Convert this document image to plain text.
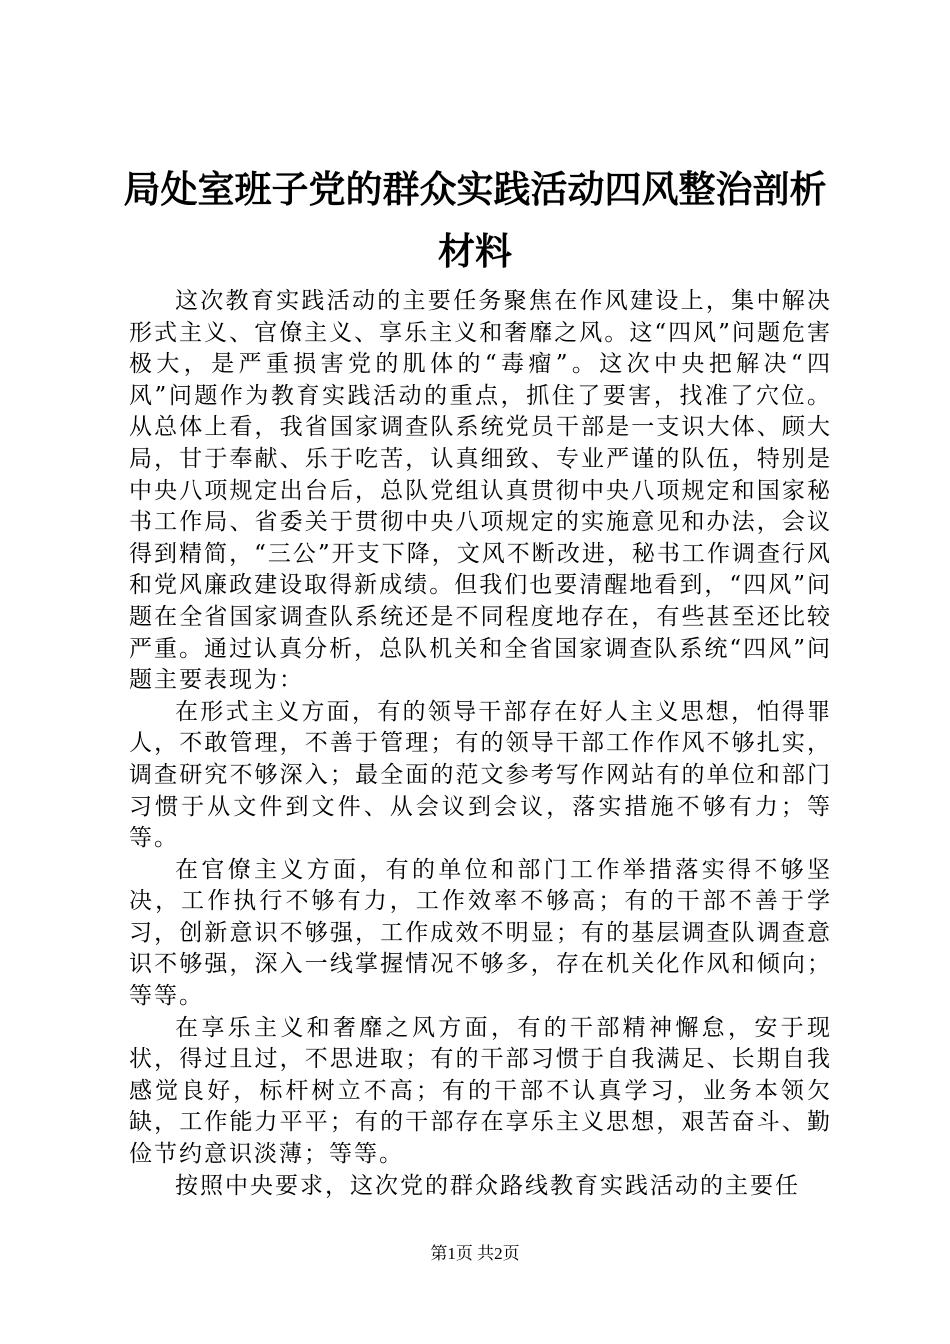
局处室班子党的群众实践活动四风整治剖析材料

这次教育实践活动的主要任务聚焦在作风建设上，集中解决形式主义、官僚主义、享乐主义和奢靡之风。这“四风”问题危害极大，是严重损害党的肌体的“毒瘤”。这次中央把解决“四风”问题作为教育实践活动的重点，抓住了要害，找准了穴位。从总体上看，我省国家调查队系统党员干部是一支识大体、顾大局，甘于奉献、乐于吃苦，认真细致、专业严谨的队伍，特别是中央八项规定出台后，总队党组认真贯彻中央八项规定和国家秘书工作局、省委关于贯彻中央八项规定的实施意见和办法，会议得到精简，“三公”开支下降，文风不断改进，秘书工作调查行风和党风廉政建设取得新成绩。但我们也要清醒地看到，“四风”问题在全省国家调查队系统还是不同程度地存在，有些甚至还比较严重。通过认真分析，总队机关和全省国家调查队系统“四风”问题主要表现为：

在形式主义方面，有的领导干部存在好人主义思想，怕得罪人，不敢管理，不善于管理；有的领导干部工作作风不够扎实，调查研究不够深入；最全面的范文参考写作网站有的单位和部门习惯于从文件到文件、从会议到会议，落实措施不够有力；等等。

在官僚主义方面，有的单位和部门工作举措落实得不够坚决，工作执行不够有力，工作效率不够高；有的干部不善于学习，创新意识不够强，工作成效不明显；有的基层调查队调查意识不够强，深入一线掌握情况不够多，存在机关化作风和倾向；等等。

在享乐主义和奢靡之风方面，有的干部精神懈怠，安于现状，得过且过，不思进取；有的干部习惯于自我满足、长期自我感觉良好，标杆树立不高；有的干部不认真学习，业务本领欠缺，工作能力平平；有的干部存在享乐主义思想，艰苦奋斗、勤俭节约意识淡薄；等等。

按照中央要求，这次党的群众路线教育实践活动的主要任

第1页 共2页
